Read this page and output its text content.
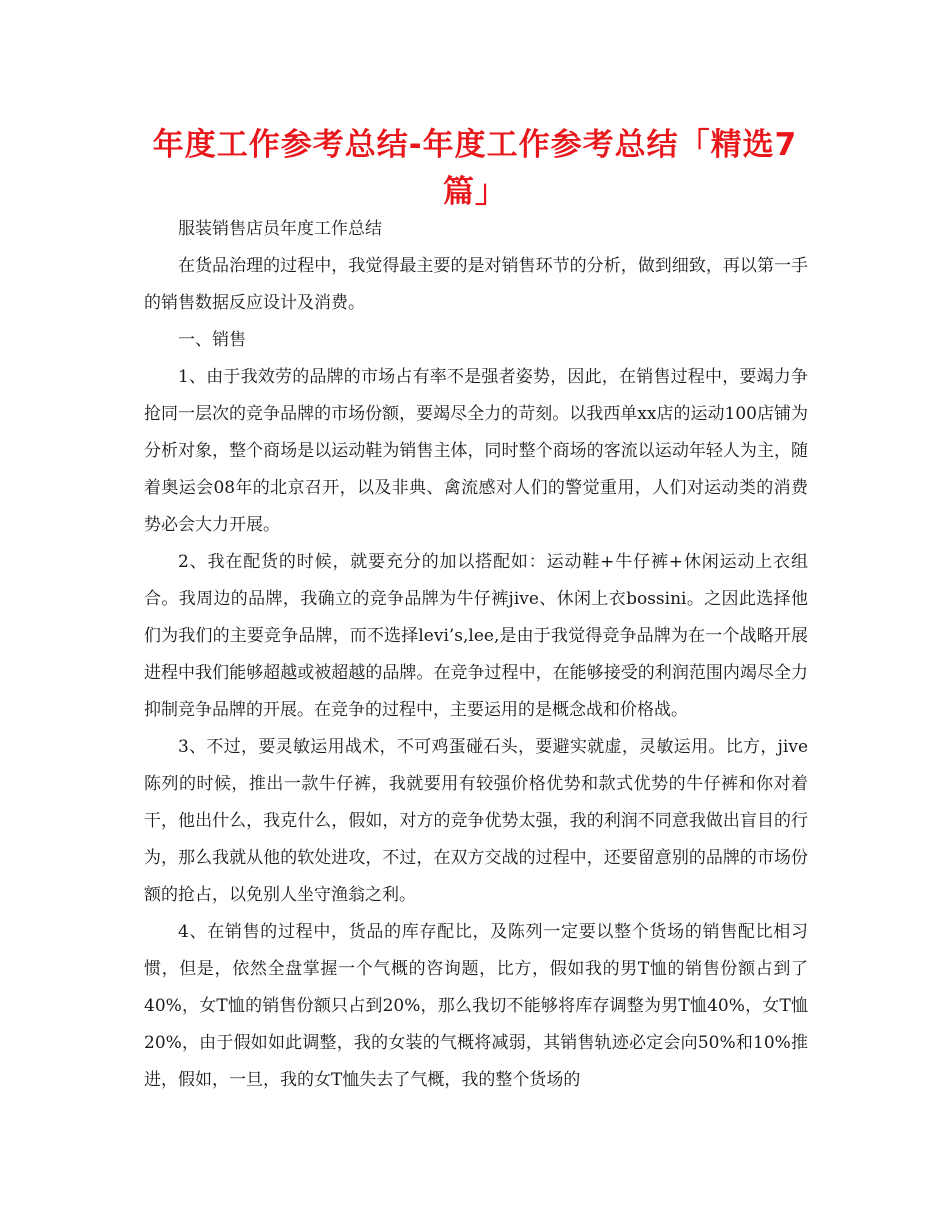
年度工作参考总结-年度工作参考总结「精选7
篇」

服装销售店员年度工作总结

在货品治理的过程中，我觉得最主要的是对销售环节的分析，做到细致，再以第一手的销售数据反应设计及消费。

一、销售

1、由于我效劳的品牌的市场占有率不是强者姿势，因此，在销售过程中，要竭力争抢同一层次的竞争品牌的市场份额，要竭尽全力的苛刻。以我西单xx店的运动100店铺为分析对象，整个商场是以运动鞋为销售主体，同时整个商场的客流以运动年轻人为主，随着奥运会08年的北京召开，以及非典、禽流感对人们的警觉重用，人们对运动类的消费势必会大力开展。

2、我在配货的时候，就要充分的加以搭配如：运动鞋+牛仔裤+休闲运动上衣组合。我周边的品牌，我确立的竞争品牌为牛仔裤jive、休闲上衣bossini。之因此选择他们为我们的主要竞争品牌，而不选择levi’s,lee,是由于我觉得竞争品牌为在一个战略开展进程中我们能够超越或被超越的品牌。在竞争过程中，在能够接受的利润范围内竭尽全力抑制竞争品牌的开展。在竞争的过程中，主要运用的是概念战和价格战。

3、不过，要灵敏运用战术，不可鸡蛋碰石头，要避实就虚，灵敏运用。比方，jive陈列的时候，推出一款牛仔裤，我就要用有较强价格优势和款式优势的牛仔裤和你对着干，他出什么，我克什么，假如，对方的竞争优势太强，我的利润不同意我做出盲目的行为，那么我就从他的软处进攻，不过，在双方交战的过程中，还要留意别的品牌的市场份额的抢占，以免别人坐守渔翁之利。

4、在销售的过程中，货品的库存配比，及陈列一定要以整个货场的销售配比相习惯，但是，依然全盘掌握一个气概的咨询题，比方，假如我的男T恤的销售份额占到了40%，女T恤的销售份额只占到20%，那么我切不能够将库存调整为男T恤40%，女T恤20%，由于假如如此调整，我的女装的气概将减弱，其销售轨迹必定会向50%和10%推进，假如，一旦，我的女T恤失去了气概，我的整个货场的
